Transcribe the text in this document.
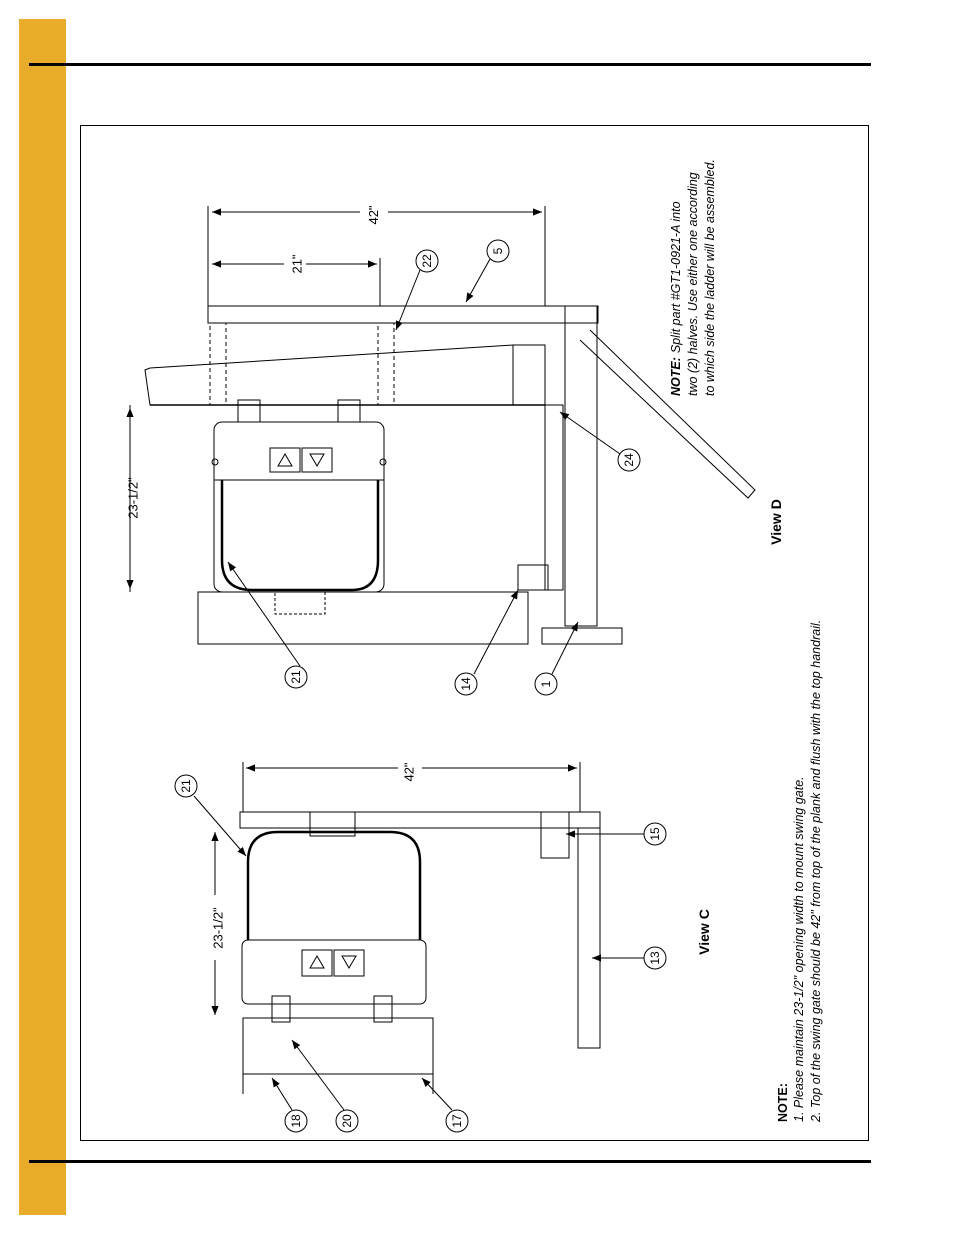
42"
21"
23-1/2"
22
5
24
21
14	1
View D
NOTE:Split part #GT1-0921-A into two (2) halves. Use either one according to which side the ladder will be assembled.
42"
23-1/2"
21
15
13
18	20	17
View C
NOTE: 1. Please maintain 23-1/2" opening width to mount swing gate. 2. Top of the swing gate should be 42" from top of the plank and flush with the top handrail.
